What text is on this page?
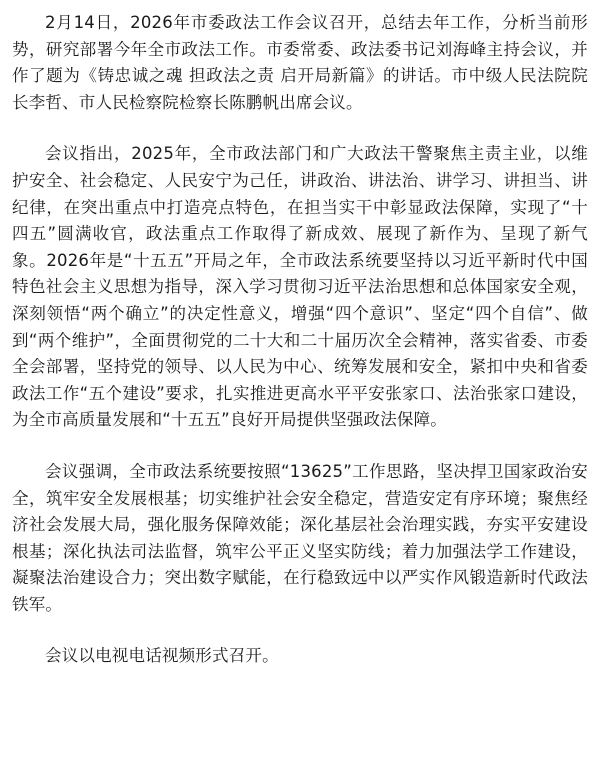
2月14日，2026年市委政法工作会议召开，总结去年工作，分析当前形势，研究部署今年全市政法工作。市委常委、政法委书记刘海峰主持会议，并作了题为《铸忠诚之魂 担政法之责 启开局新篇》的讲话。市中级人民法院院长李哲、市人民检察院检察长陈鹏帆出席会议。

会议指出，2025年，全市政法部门和广大政法干警聚焦主责主业，以维护安全、社会稳定、人民安宁为己任，讲政治、讲法治、讲学习、讲担当、讲纪律，在突出重点中打造亮点特色，在担当实干中彰显政法保障，实现了“十四五”圆满收官，政法重点工作取得了新成效、展现了新作为、呈现了新气象。2026年是“十五五”开局之年，全市政法系统要坚持以习近平新时代中国特色社会主义思想为指导，深入学习贯彻习近平法治思想和总体国家安全观，深刻领悟“两个确立”的决定性意义，增强“四个意识”、坚定“四个自信”、做到“两个维护”，全面贯彻党的二十大和二十届历次全会精神，落实省委、市委全会部署，坚持党的领导、以人民为中心、统筹发展和安全，紧扣中央和省委政法工作“五个建设”要求，扎实推进更高水平平安张家口、法治张家口建设，为全市高质量发展和“十五五”良好开局提供坚强政法保障。

会议强调，全市政法系统要按照“13625”工作思路，坚决捍卫国家政治安全，筑牢安全发展根基；切实维护社会安全稳定，营造安定有序环境；聚焦经济社会发展大局，强化服务保障效能；深化基层社会治理实践，夯实平安建设根基；深化执法司法监督，筑牢公平正义坚实防线；着力加强法学工作建设，凝聚法治建设合力；突出数字赋能，在行稳致远中以严实作风锻造新时代政法铁军。

会议以电视电话视频形式召开。
